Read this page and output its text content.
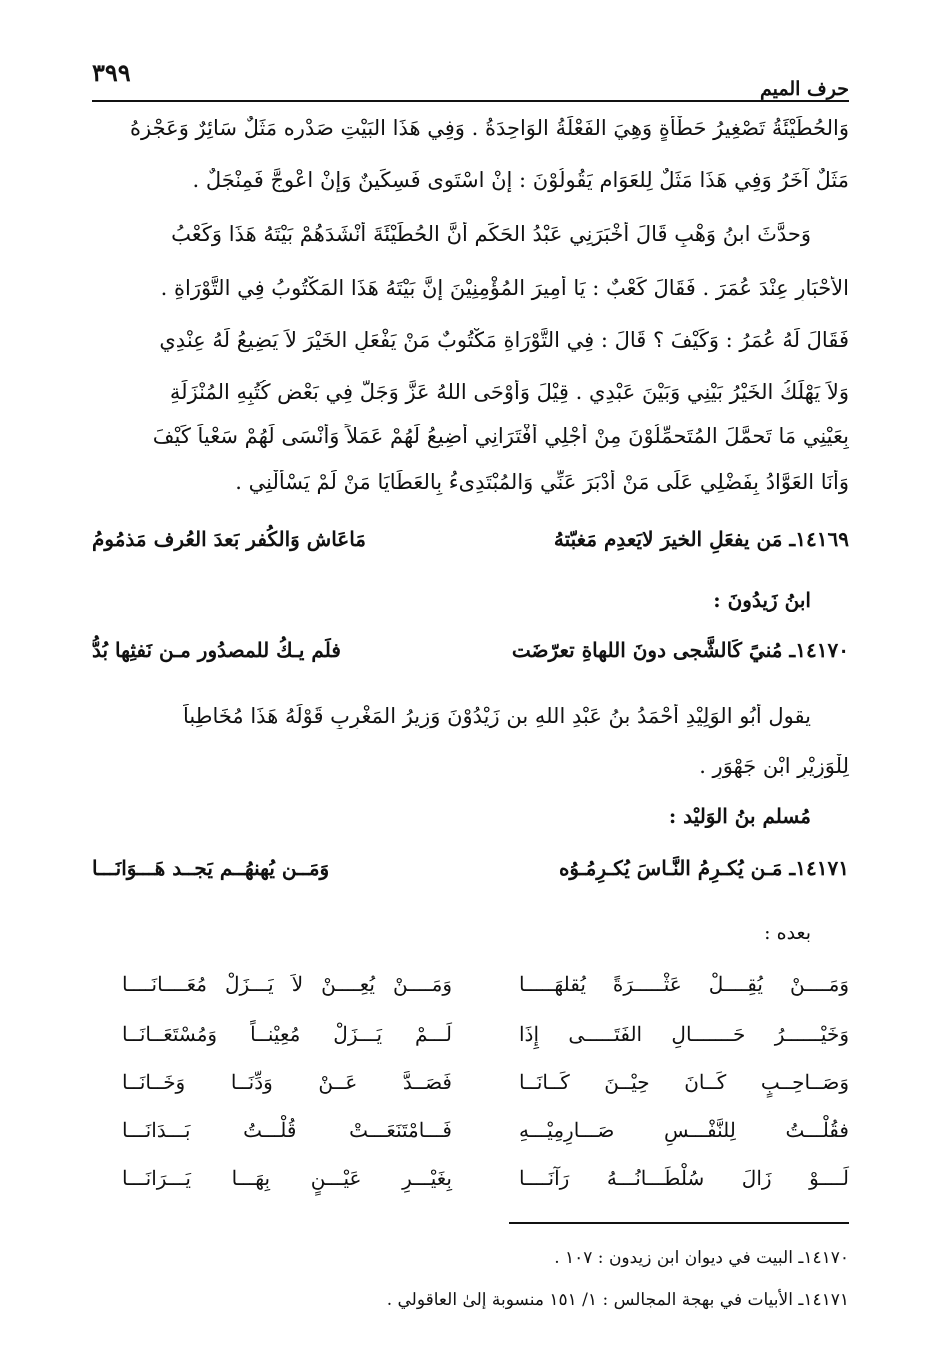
٣٩٩
حرف الميم
وَالحُطَيْئَةُ تَصْغِيرُ حَطْأَةٍ وَهِيَ الفَعْلَةُ الوَاحِدَةُ . وَفِي هَذَا البَيْتِ صَدْره مَثَلٌ سَائِرٌ وَعَجْزهُ
مَثَلٌ آخَرُ وَفِي هَذَا مَثَلٌ لِلعَوَام يَقُولُوْنَ : إِنْ اسْتَوى فَسِكِّينٌ وَإِنْ اعْوجَّ فَمِنْجَلٌ .
وَحدَّثَ ابنُ وَهْبٍ قَالَ أَخْبَرَنِي عَبْدُ الحَكَمِ أَنَّ الحُطَيْئَةَ أَنْشَدَهُمْ بَيْتَهُ هَذَا وَكَعْبُ
الأَحْبَارِ عِنْدَ عُمَرَ . فَقَالَ كَعْبٌ : يَا أَمِيرَ المُؤْمِنِيْنَ إِنَّ بَيْتَهُ هَذَا المَكْتُوبُ فِي التَّوْرَاةِ .
فَقَالَ لَهُ عُمَرُ : وَكَيْفَ ؟ قَالَ : فِي التَّوْرَاةِ مَكْتُوبٌ مَنْ يَفْعَلِ الخَيْرَ لاَ يَضِيعُ لَهُ عِنْدِي
وَلاَ يَهْلَكُ الخَيْرُ بَيْنِي وَبَيْنَ عَبْدِي . قِيْلَ وَأَوْحَى اللهُ عَزَّ وَجَلَّ فِي بَعْضِ كُتُبِهِ المُنْزَلَةِ
بِعَيْنِي مَا تَحمَّلَ المُتَحمِّلُوْنَ مِنْ أَجْلِي أَفْتَرَانِي أُضِيعُ لَهُمْ عَمَلاً وَأَنْسَى لَهُمْ سَعْياً كَيْفَ
وَأَنَا العَوَّادُ بِفَضْلِي عَلَى مَنْ أَدْبَرَ عَنِّي وَالمُبْتَدِىءُ بِالعَطَايَا مَنْ لَمْ يَسْأَلْنِي .
١٤١٦٩ـ مَن يفعَلِ الخيرَ لايَعدِم مَغبّتهُ
مَاعَاش وَالكُفر بَعدَ العُرف مَذمُومُ
ابنُ زَيدُونَ :
١٤١٧٠ـ مُنيً كَالشَّجى دونَ اللهاةِ تعرّضَت
فلَم يـكُ للمصدُور مـن نَفثِها بُدُّ
يقول أَبُو الوَلِيْدِ أَحْمَدُ بنُ عَبْدِ اللهِ بنِ زَيْدُوْنَ وَزِيرُ المَغْرِبِ قَوْلَهُ هَذَا مُخَاطِباً
لِلْوَزِيْرِ ابْنِ جَهْوَرٍ .
مُسلم بنُ الوَليْد :
١٤١٧١ـ مَـن يُكـرِمُ النَّـاسَ يُكـرِمُـوُه
وَمَــن يُهنهُــم يَجــد هَـــوَانَـــا
بعده :
وَمَــــنْ يُقِــــلْ عَثْـــــرَةً يُقلهَـــــا
وَمَــــنْ يُعِــــنْ لاَ يَـــزَلْ مُعَــــانَــــا
وَخَيْــــــرُ حَـــــــالِ الفَتَـــــى إِذَا
لَـــمْ يَـــزَلْ مُعِيْنــاً وَمُسْتَعَــانَــا
وَصَــاحِــبٍ كَــانَ حِيْــنَ كَــانَــا
فَصَــدَّ عَــنْ وَدِّنَــا وَخَــانَــا
فقُلْـــتُ لِلنَّفْـــسِ صَـــارِمِيْـــهِ
فَـــامْتَنَعَـــتْ قُلْـــتُ بَـــدَانَـــا
لَــــوْ زَالَ سُلْطَـــانُـــهُ رَآنَــــا
بِغَيْـــرِ عَيْـــنٍ بِهَـــا يَـــرَانَـــا
١٤١٧٠ـ البيت في ديوان ابن زيدون : ١٠٧ .
١٤١٧١ـ الأبيات في بهجة المجالس : ١/ ١٥١ منسوبة إلىٰ العاقولي .
